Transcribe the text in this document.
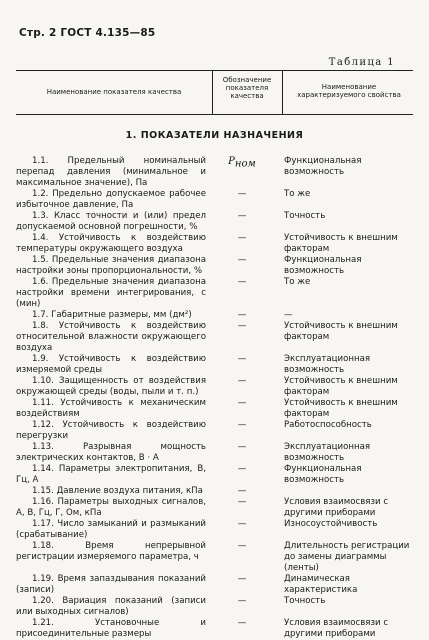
Стр. 2 ГОСТ 4.135—85
Таблица 1
Наименование показателя качества
Обозначение показателя качества
Наименование характеризуемого свойства
1. ПОКАЗАТЕЛИ НАЗНАЧЕНИЯ
1.1. Предельный номинальный перепад давления (минимальное и максимальное значение), Па
$P_{ном}$	Функциональная возможность
1.2. Предельно допускаемое рабочее избыточное давление, Па
—	То же
1.3. Класс точности и (или) предел допускаемой основной погрешности, %
—	Точность
1.4. Устойчивость к воздействию температуры окружающего воздуха
—	Устойчивость к внешним факторам
1.5. Предельные значения диапазона настройки зоны пропорциональности, %
—	Функциональная возможность
1.6. Предельные значения диапазона настройки времени интегрирования, с (мин)
—	То же
1.7. Габаритные размеры, мм (дм²)	—	—
1.8. Устойчивость к воздействию относительной влажности окружающего воздуха
—	Устойчивость к внешним факторам
1.9. Устойчивость к воздействию измеряемой среды
—	Эксплуатационная возможность
1.10. Защищенность от воздействия окружающей среды (воды, пыли и т. п.)
—	Устойчивость к внешним факторам
1.11. Устойчивость к механическим воздействиям
—	Устойчивость к внешним факторам
1.12. Устойчивость к воздействию перегрузки
—	Работоспособность
1.13. Разрывная мощность электрических контактов, В · А
—	Эксплуатационная возможность
1.14. Параметры электропитания, В, Гц, А
—	Функциональная возможность
1.15. Давление воздуха питания, кПа	—
1.16. Параметры выходных сигналов, А, В, Гц, Г, Ом, кПа
—	Условия взаимосвязи с другими приборами
1.17. Число замыканий и размыканий (срабатывание)
—	Износоустойчивость
1.18. Время непрерывной регистрации измеряемого параметра, ч
—	Длительность регистрации до замены диаграммы (ленты)
1.19. Время запаздывания показаний (записи)
—	Динамическая характеристика
1.20. Вариация показаний (записи или выходных сигналов)
—	Точность
1.21. Установочные и присоединительные размеры
—	Условия взаимосвязи с другими приборами
